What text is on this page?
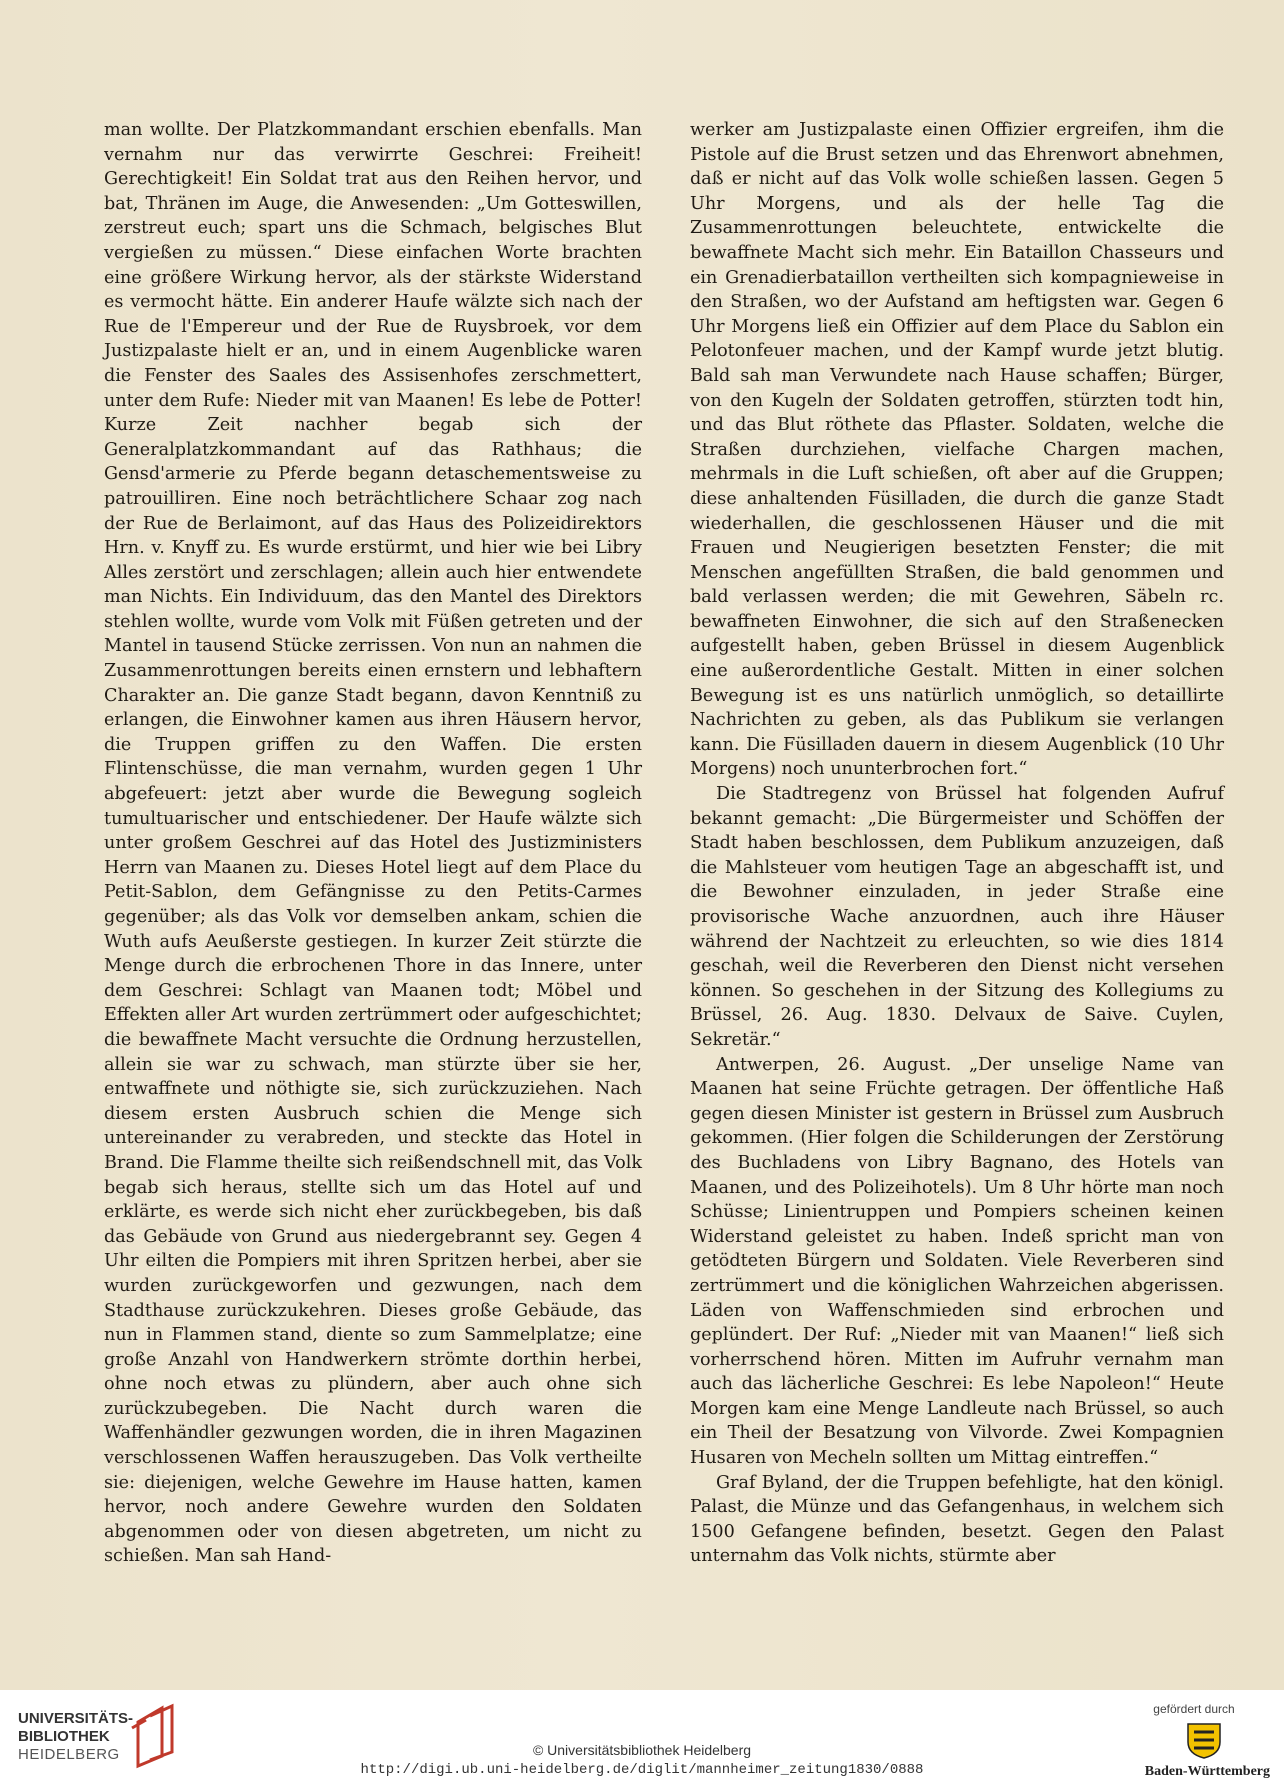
man wollte. Der Platzkommandant erschien ebenfalls. Man vernahm nur das verwirrte Geschrei: Freiheit! Gerechtigkeit! Ein Soldat trat aus den Reihen hervor, und bat, Thränen im Auge, die Anwesenden: „Um Gotteswillen, zerstreut euch; spart uns die Schmach, belgisches Blut vergießen zu müssen.“ Diese einfachen Worte brachten eine größere Wirkung hervor, als der stärkste Widerstand es vermocht hätte. Ein anderer Haufe wälzte sich nach der Rue de l'Empereur und der Rue de Ruysbroek, vor dem Justizpalaste hielt er an, und in einem Augenblicke waren die Fenster des Saales des Assisenhofes zerschmettert, unter dem Rufe: Nieder mit van Maanen! Es lebe de Potter! Kurze Zeit nachher begab sich der Generalplatzkommandant auf das Rathhaus; die Gensd'armerie zu Pferde begann detaschementsweise zu patrouilliren. Eine noch beträchtlichere Schaar zog nach der Rue de Berlaimont, auf das Haus des Polizeidirektors Hrn. v. Knyff zu. Es wurde erstürmt, und hier wie bei Libry Alles zerstört und zerschlagen; allein auch hier entwendete man Nichts. Ein Individuum, das den Mantel des Direktors stehlen wollte, wurde vom Volk mit Füßen getreten und der Mantel in tausend Stücke zerrissen. Von nun an nahmen die Zusammenrottungen bereits einen ernstern und lebhaftern Charakter an. Die ganze Stadt begann, davon Kenntniß zu erlangen, die Einwohner kamen aus ihren Häusern hervor, die Truppen griffen zu den Waffen. Die ersten Flintenschüsse, die man vernahm, wurden gegen 1 Uhr abgefeuert: jetzt aber wurde die Bewegung sogleich tumultuarischer und entschiedener. Der Haufe wälzte sich unter großem Geschrei auf das Hotel des Justizministers Herrn van Maanen zu. Dieses Hotel liegt auf dem Place du Petit-Sablon, dem Gefängnisse zu den Petits-Carmes gegenüber; als das Volk vor demselben ankam, schien die Wuth aufs Aeußerste gestiegen. In kurzer Zeit stürzte die Menge durch die erbrochenen Thore in das Innere, unter dem Geschrei: Schlagt van Maanen todt; Möbel und Effekten aller Art wurden zertrümmert oder aufgeschichtet; die bewaffnete Macht versuchte die Ordnung herzustellen, allein sie war zu schwach, man stürzte über sie her, entwaffnete und nöthigte sie, sich zurückzuziehen. Nach diesem ersten Ausbruch schien die Menge sich untereinander zu verabreden, und steckte das Hotel in Brand. Die Flamme theilte sich reißendschnell mit, das Volk begab sich heraus, stellte sich um das Hotel auf und erklärte, es werde sich nicht eher zurückbegeben, bis daß das Gebäude von Grund aus niedergebrannt sey. Gegen 4 Uhr eilten die Pompiers mit ihren Spritzen herbei, aber sie wurden zurückgeworfen und gezwungen, nach dem Stadthause zurückzukehren. Dieses große Gebäude, das nun in Flammen stand, diente so zum Sammelplatze; eine große Anzahl von Handwerkern strömte dorthin herbei, ohne noch etwas zu plündern, aber auch ohne sich zurückzubegeben. Die Nacht durch waren die Waffenhändler gezwungen worden, die in ihren Magazinen verschlossenen Waffen herauszugeben. Das Volk vertheilte sie: diejenigen, welche Gewehre im Hause hatten, kamen hervor, noch andere Gewehre wurden den Soldaten abgenommen oder von diesen abgetreten, um nicht zu schießen. Man sah Hand-

werker am Justizpalaste einen Offizier ergreifen, ihm die Pistole auf die Brust setzen und das Ehrenwort abnehmen, daß er nicht auf das Volk wolle schießen lassen. Gegen 5 Uhr Morgens, und als der helle Tag die Zusammenrottungen beleuchtete, entwickelte die bewaffnete Macht sich mehr. Ein Bataillon Chasseurs und ein Grenadierbataillon vertheilten sich kompagnieweise in den Straßen, wo der Aufstand am heftigsten war. Gegen 6 Uhr Morgens ließ ein Offizier auf dem Place du Sablon ein Pelotonfeuer machen, und der Kampf wurde jetzt blutig. Bald sah man Verwundete nach Hause schaffen; Bürger, von den Kugeln der Soldaten getroffen, stürzten todt hin, und das Blut röthete das Pflaster. Soldaten, welche die Straßen durchziehen, vielfache Chargen machen, mehrmals in die Luft schießen, oft aber auf die Gruppen; diese anhaltenden Füsilladen, die durch die ganze Stadt wiederhallen, die geschlossenen Häuser und die mit Frauen und Neugierigen besetzten Fenster; die mit Menschen angefüllten Straßen, die bald genommen und bald verlassen werden; die mit Gewehren, Säbeln rc. bewaffneten Einwohner, die sich auf den Straßenecken aufgestellt haben, geben Brüssel in diesem Augenblick eine außerordentliche Gestalt. Mitten in einer solchen Bewegung ist es uns natürlich unmöglich, so detaillirte Nachrichten zu geben, als das Publikum sie verlangen kann. Die Füsilladen dauern in diesem Augenblick (10 Uhr Morgens) noch ununterbrochen fort.“

Die Stadtregenz von Brüssel hat folgenden Aufruf bekannt gemacht: „Die Bürgermeister und Schöffen der Stadt haben beschlossen, dem Publikum anzuzeigen, daß die Mahlsteuer vom heutigen Tage an abgeschafft ist, und die Bewohner einzuladen, in jeder Straße eine provisorische Wache anzuordnen, auch ihre Häuser während der Nachtzeit zu erleuchten, so wie dies 1814 geschah, weil die Reverberen den Dienst nicht versehen können. So geschehen in der Sitzung des Kollegiums zu Brüssel, 26. Aug. 1830. Delvaux de Saive. Cuylen, Sekretär.“

Antwerpen, 26. August. „Der unselige Name van Maanen hat seine Früchte getragen. Der öffentliche Haß gegen diesen Minister ist gestern in Brüssel zum Ausbruch gekommen. (Hier folgen die Schilderungen der Zerstörung des Buchladens von Libry Bagnano, des Hotels van Maanen, und des Polizeihotels). Um 8 Uhr hörte man noch Schüsse; Linientruppen und Pompiers scheinen keinen Widerstand geleistet zu haben. Indeß spricht man von getödteten Bürgern und Soldaten. Viele Reverberen sind zertrümmert und die königlichen Wahrzeichen abgerissen. Läden von Waffenschmieden sind erbrochen und geplündert. Der Ruf: „Nieder mit van Maanen!“ ließ sich vorherrschend hören. Mitten im Aufruhr vernahm man auch das lächerliche Geschrei: Es lebe Napoleon!“ Heute Morgen kam eine Menge Landleute nach Brüssel, so auch ein Theil der Besatzung von Vilvorde. Zwei Kompagnien Husaren von Mecheln sollten um Mittag eintreffen.“

Graf Byland, der die Truppen befehligte, hat den königl. Palast, die Münze und das Gefangenhaus, in welchem sich 1500 Gefangene befinden, besetzt. Gegen den Palast unternahm das Volk nichts, stürmte aber

UNIVERSITÄTS-
BIBLIOTHEK
HEIDELBERG	© Universitätsbibliothek Heidelberg
http://digi.ub.uni-heidelberg.de/diglit/mannheimer_zeitung1830/0888
gefördert durch
Baden-Württemberg
